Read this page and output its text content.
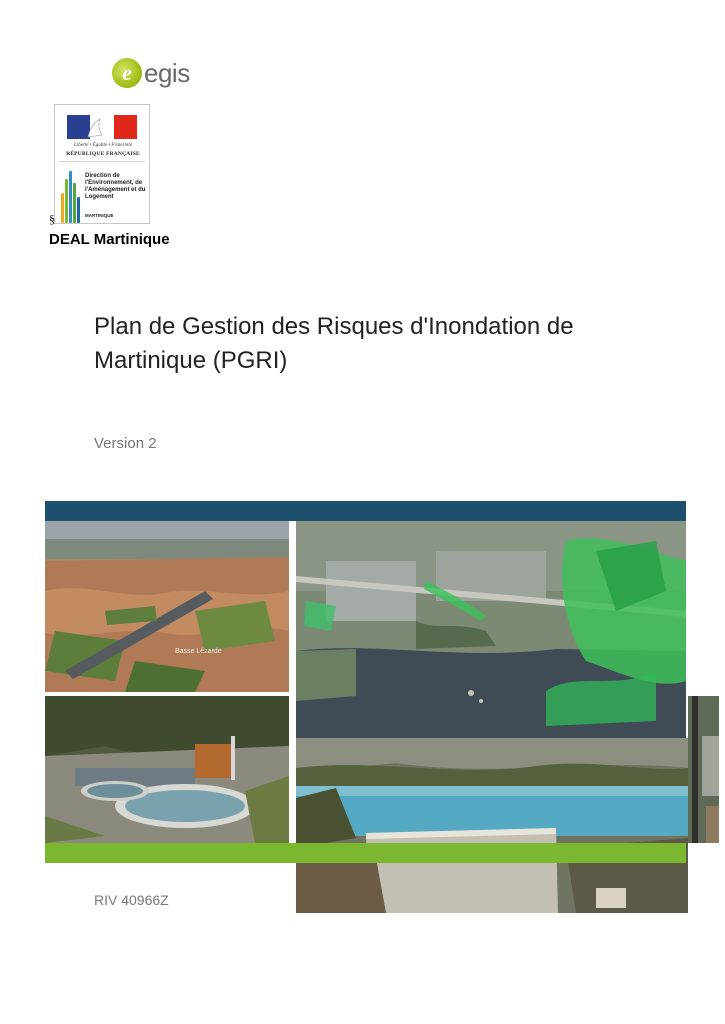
e egis
Liberté • Égalité • Fraternité
RÉPUBLIQUE FRANÇAISE
Direction de l'Environnement, de l'Aménagement et du Logement
MARTINIQUE
§
DEAL Martinique
Plan de Gestion des Risques d'Inondation de Martinique (PGRI)
Version 2
Basse Lézarde
RIV 40966Z
